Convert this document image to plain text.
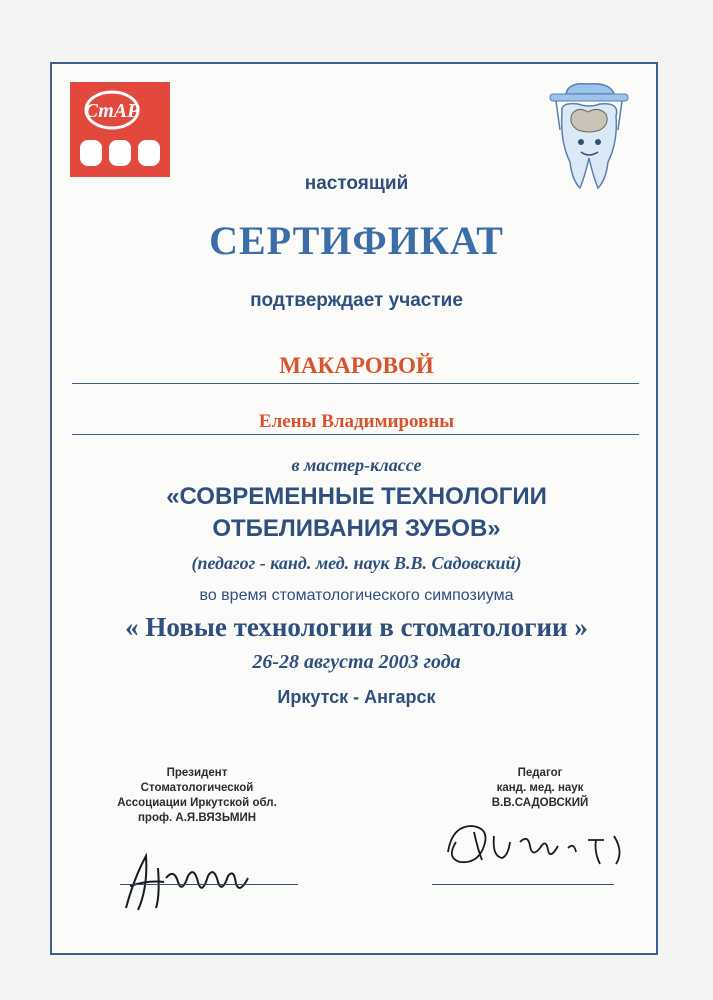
СтАР
настоящий
СЕРТИФИКАТ
подтверждает участие
МАКАРОВОЙ
Елены Владимировны
в мастер-классе
«СОВРЕМЕННЫЕ ТЕХНОЛОГИИ
ОТБЕЛИВАНИЯ ЗУБОВ»
(педагог - канд. мед. наук В.В. Садовский)
во время стоматологического симпозиума
« Новые технологии в стоматологии »
26-28 августа 2003 года
Иркутск - Ангарск
Президент
Стоматологической
Ассоциации Иркутской обл.
проф. А.Я.ВЯЗЬМИН
Педагог
канд. мед. наук
В.В.САДОВСКИЙ
